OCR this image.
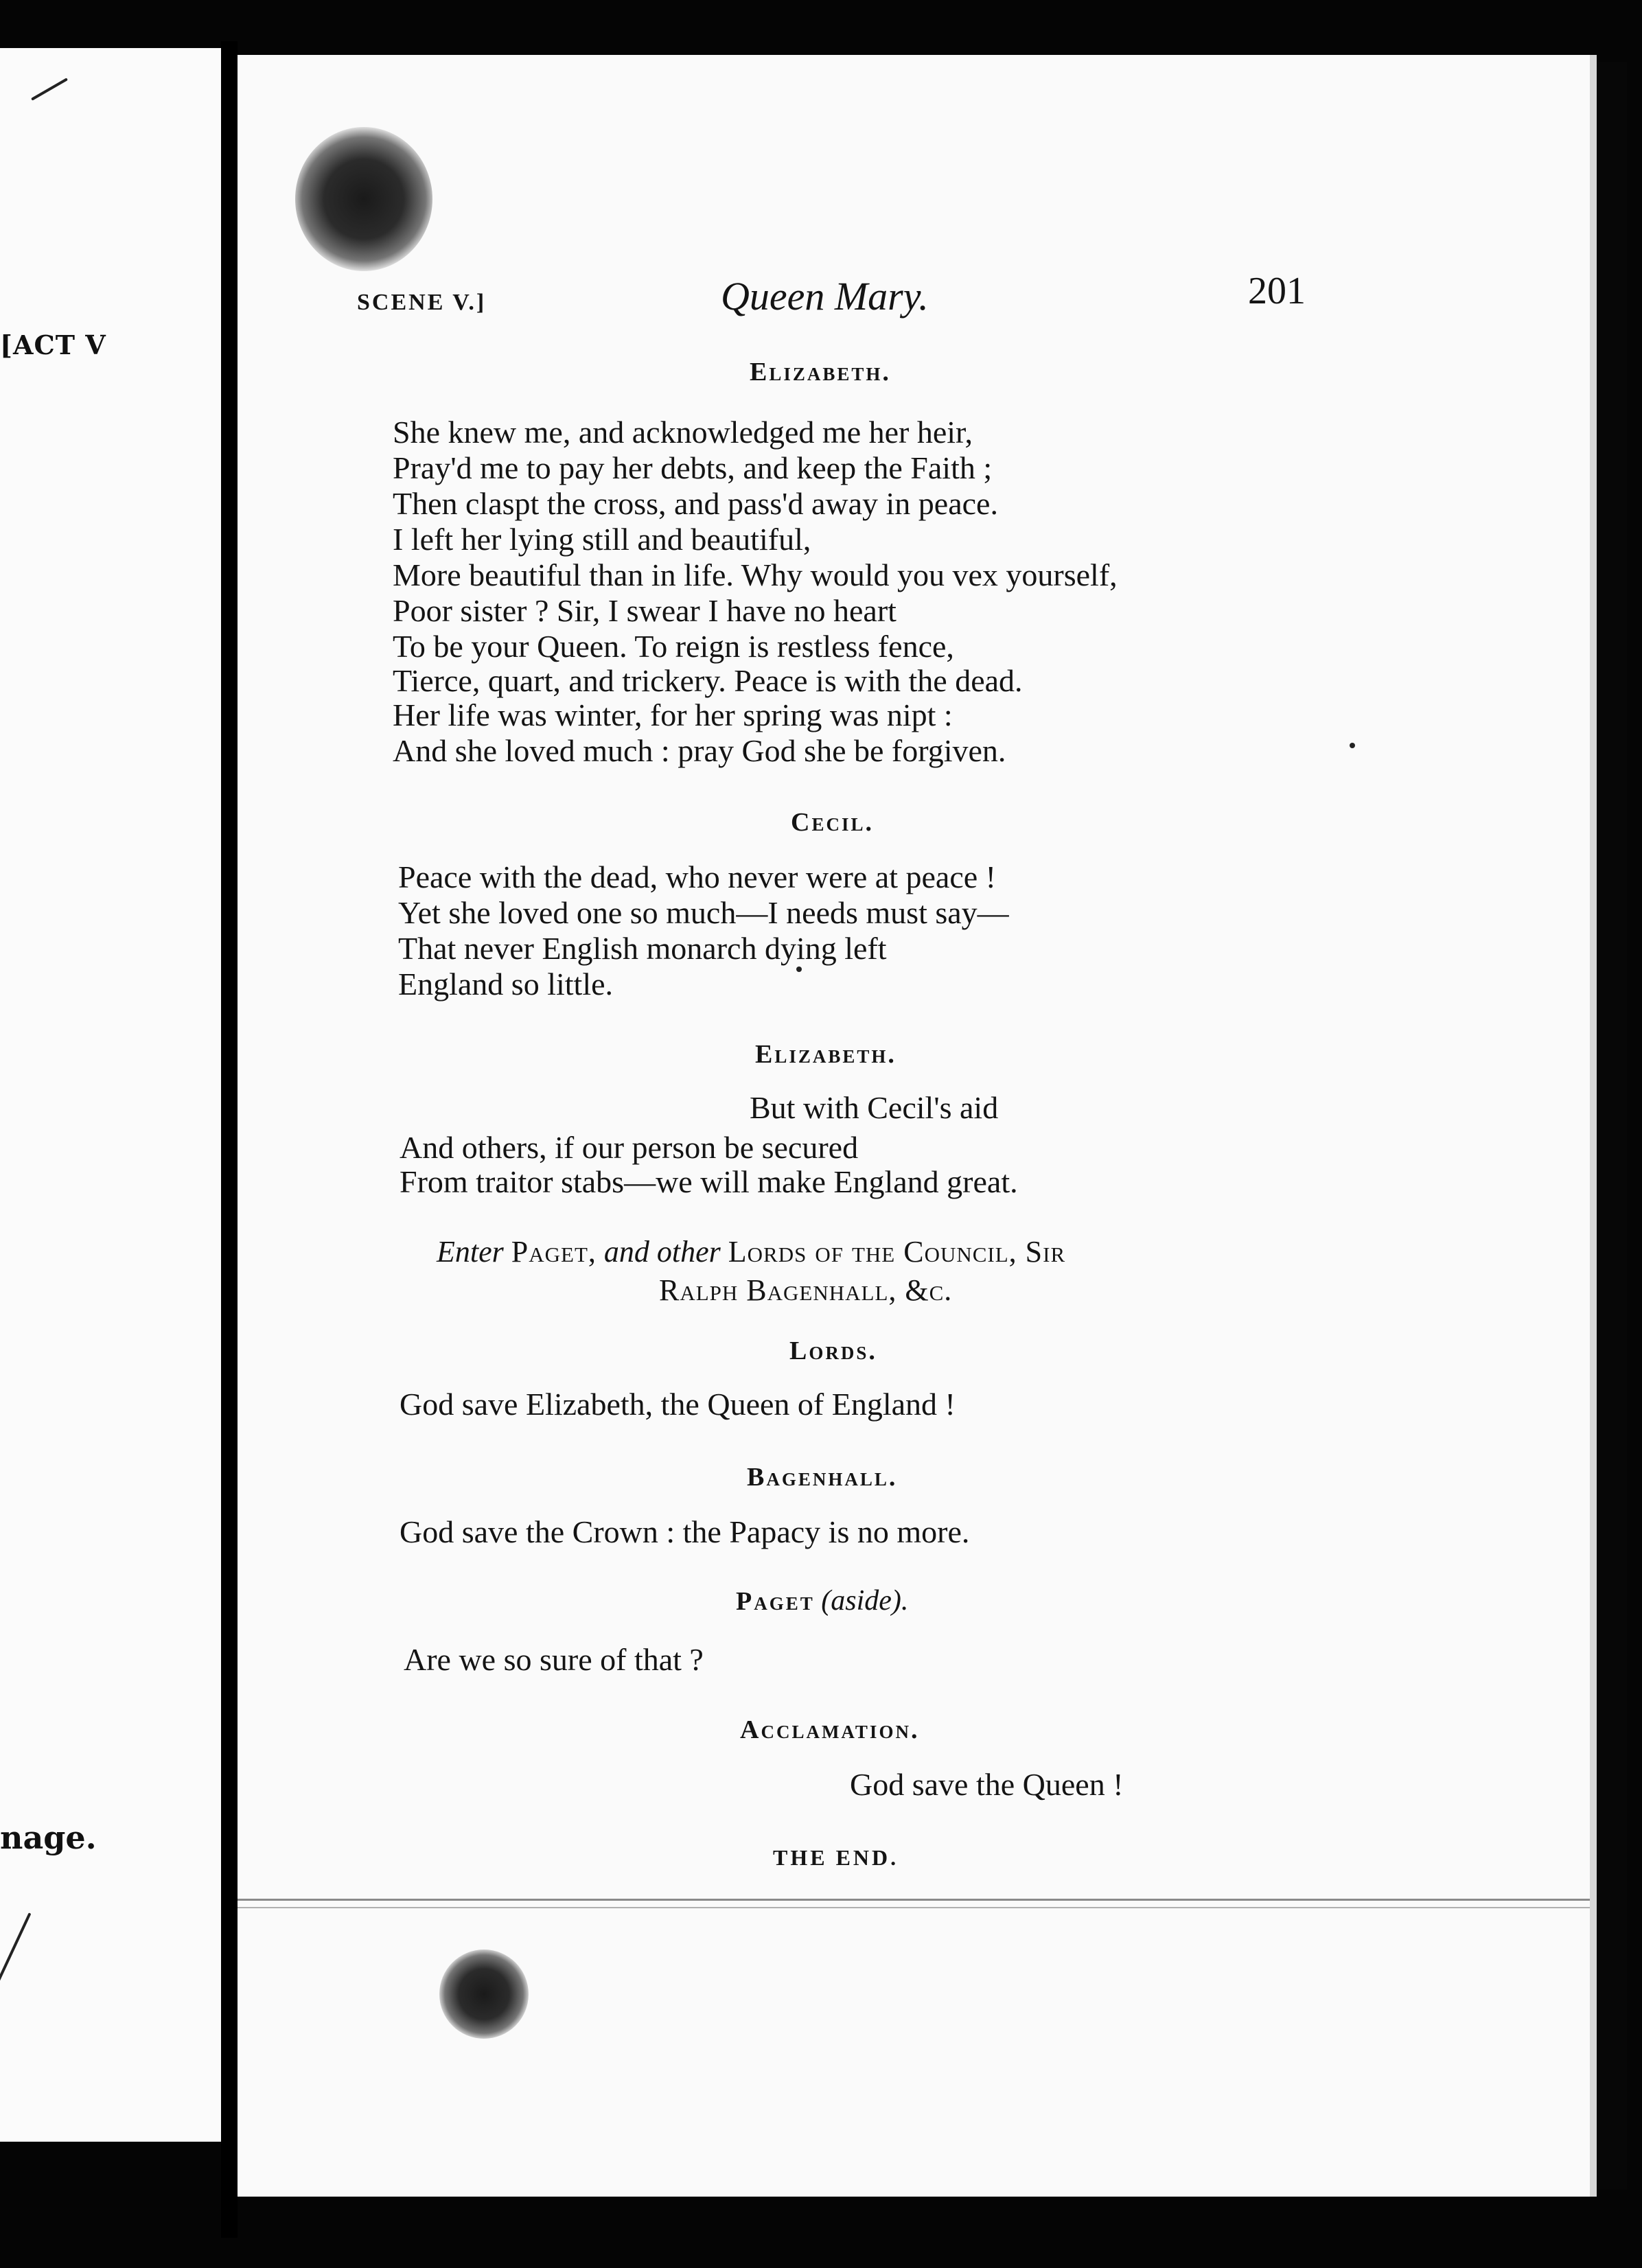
[ACT V
nage.
SCENE V.]	Queen Mary.	201
Elizabeth.
She knew me, and acknowledged me her heir,
Pray'd me to pay her debts, and keep the Faith ;
Then claspt the cross, and pass'd away in peace.
I left her lying still and beautiful,
More beautiful than in life. Why would you vex yourself,
Poor sister ? Sir, I swear I have no heart
To be your Queen. To reign is restless fence,
Tierce, quart, and trickery. Peace is with the dead.
Her life was winter, for her spring was nipt :
And she loved much : pray God she be forgiven.
Cecil.
Peace with the dead, who never were at peace !
Yet she loved one so much—I needs must say—
That never English monarch dying left
England so little.
Elizabeth.
But with Cecil's aid
And others, if our person be secured
From traitor stabs—we will make England great.
Enter Paget, and other Lords of the Council, Sir
Ralph Bagenhall, &c.
Lords.
God save Elizabeth, the Queen of England !
Bagenhall.
God save the Crown : the Papacy is no more.
Paget (aside).
Are we so sure of that ?
Acclamation.
God save the Queen !
THE END.
